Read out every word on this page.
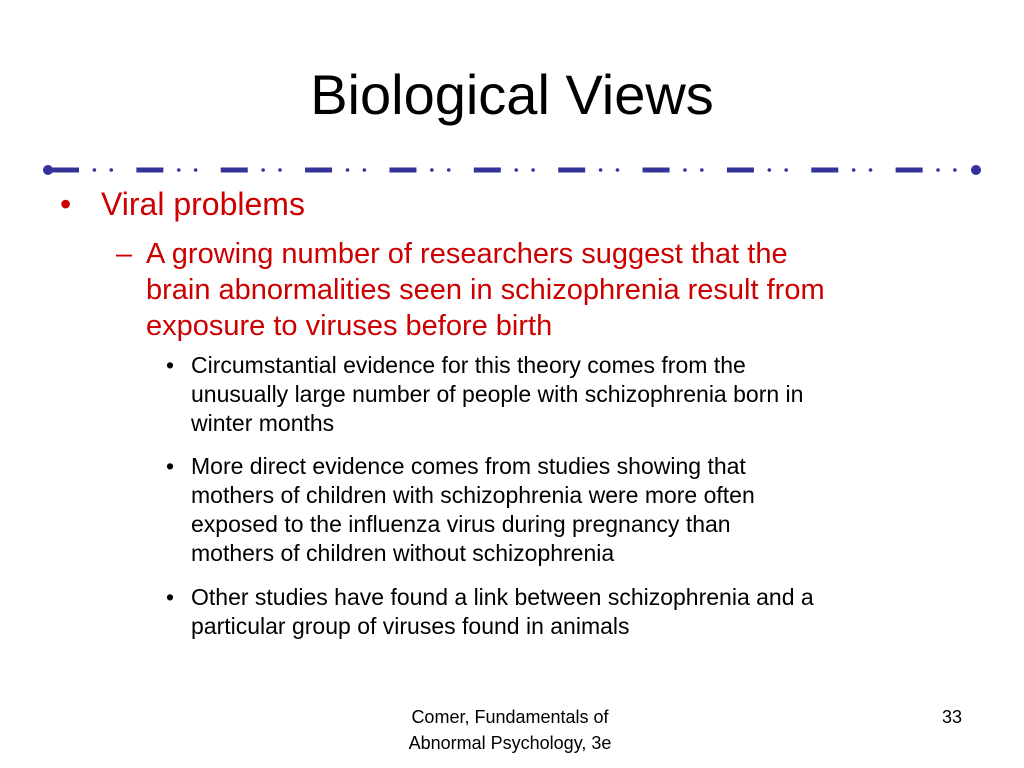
Biological Views
• Viral problems
– A growing number of researchers suggest that the
brain abnormalities seen in schizophrenia result from
exposure to viruses before birth
• Circumstantial evidence for this theory comes from the
unusually large number of people with schizophrenia born in
winter months
• More direct evidence comes from studies showing that
mothers of children with schizophrenia were more often
exposed to the influenza virus during pregnancy than
mothers of children without schizophrenia
• Other studies have found a link between schizophrenia and a
particular group of viruses found in animals
Comer, Fundamentals of
Abnormal Psychology, 3e
33
